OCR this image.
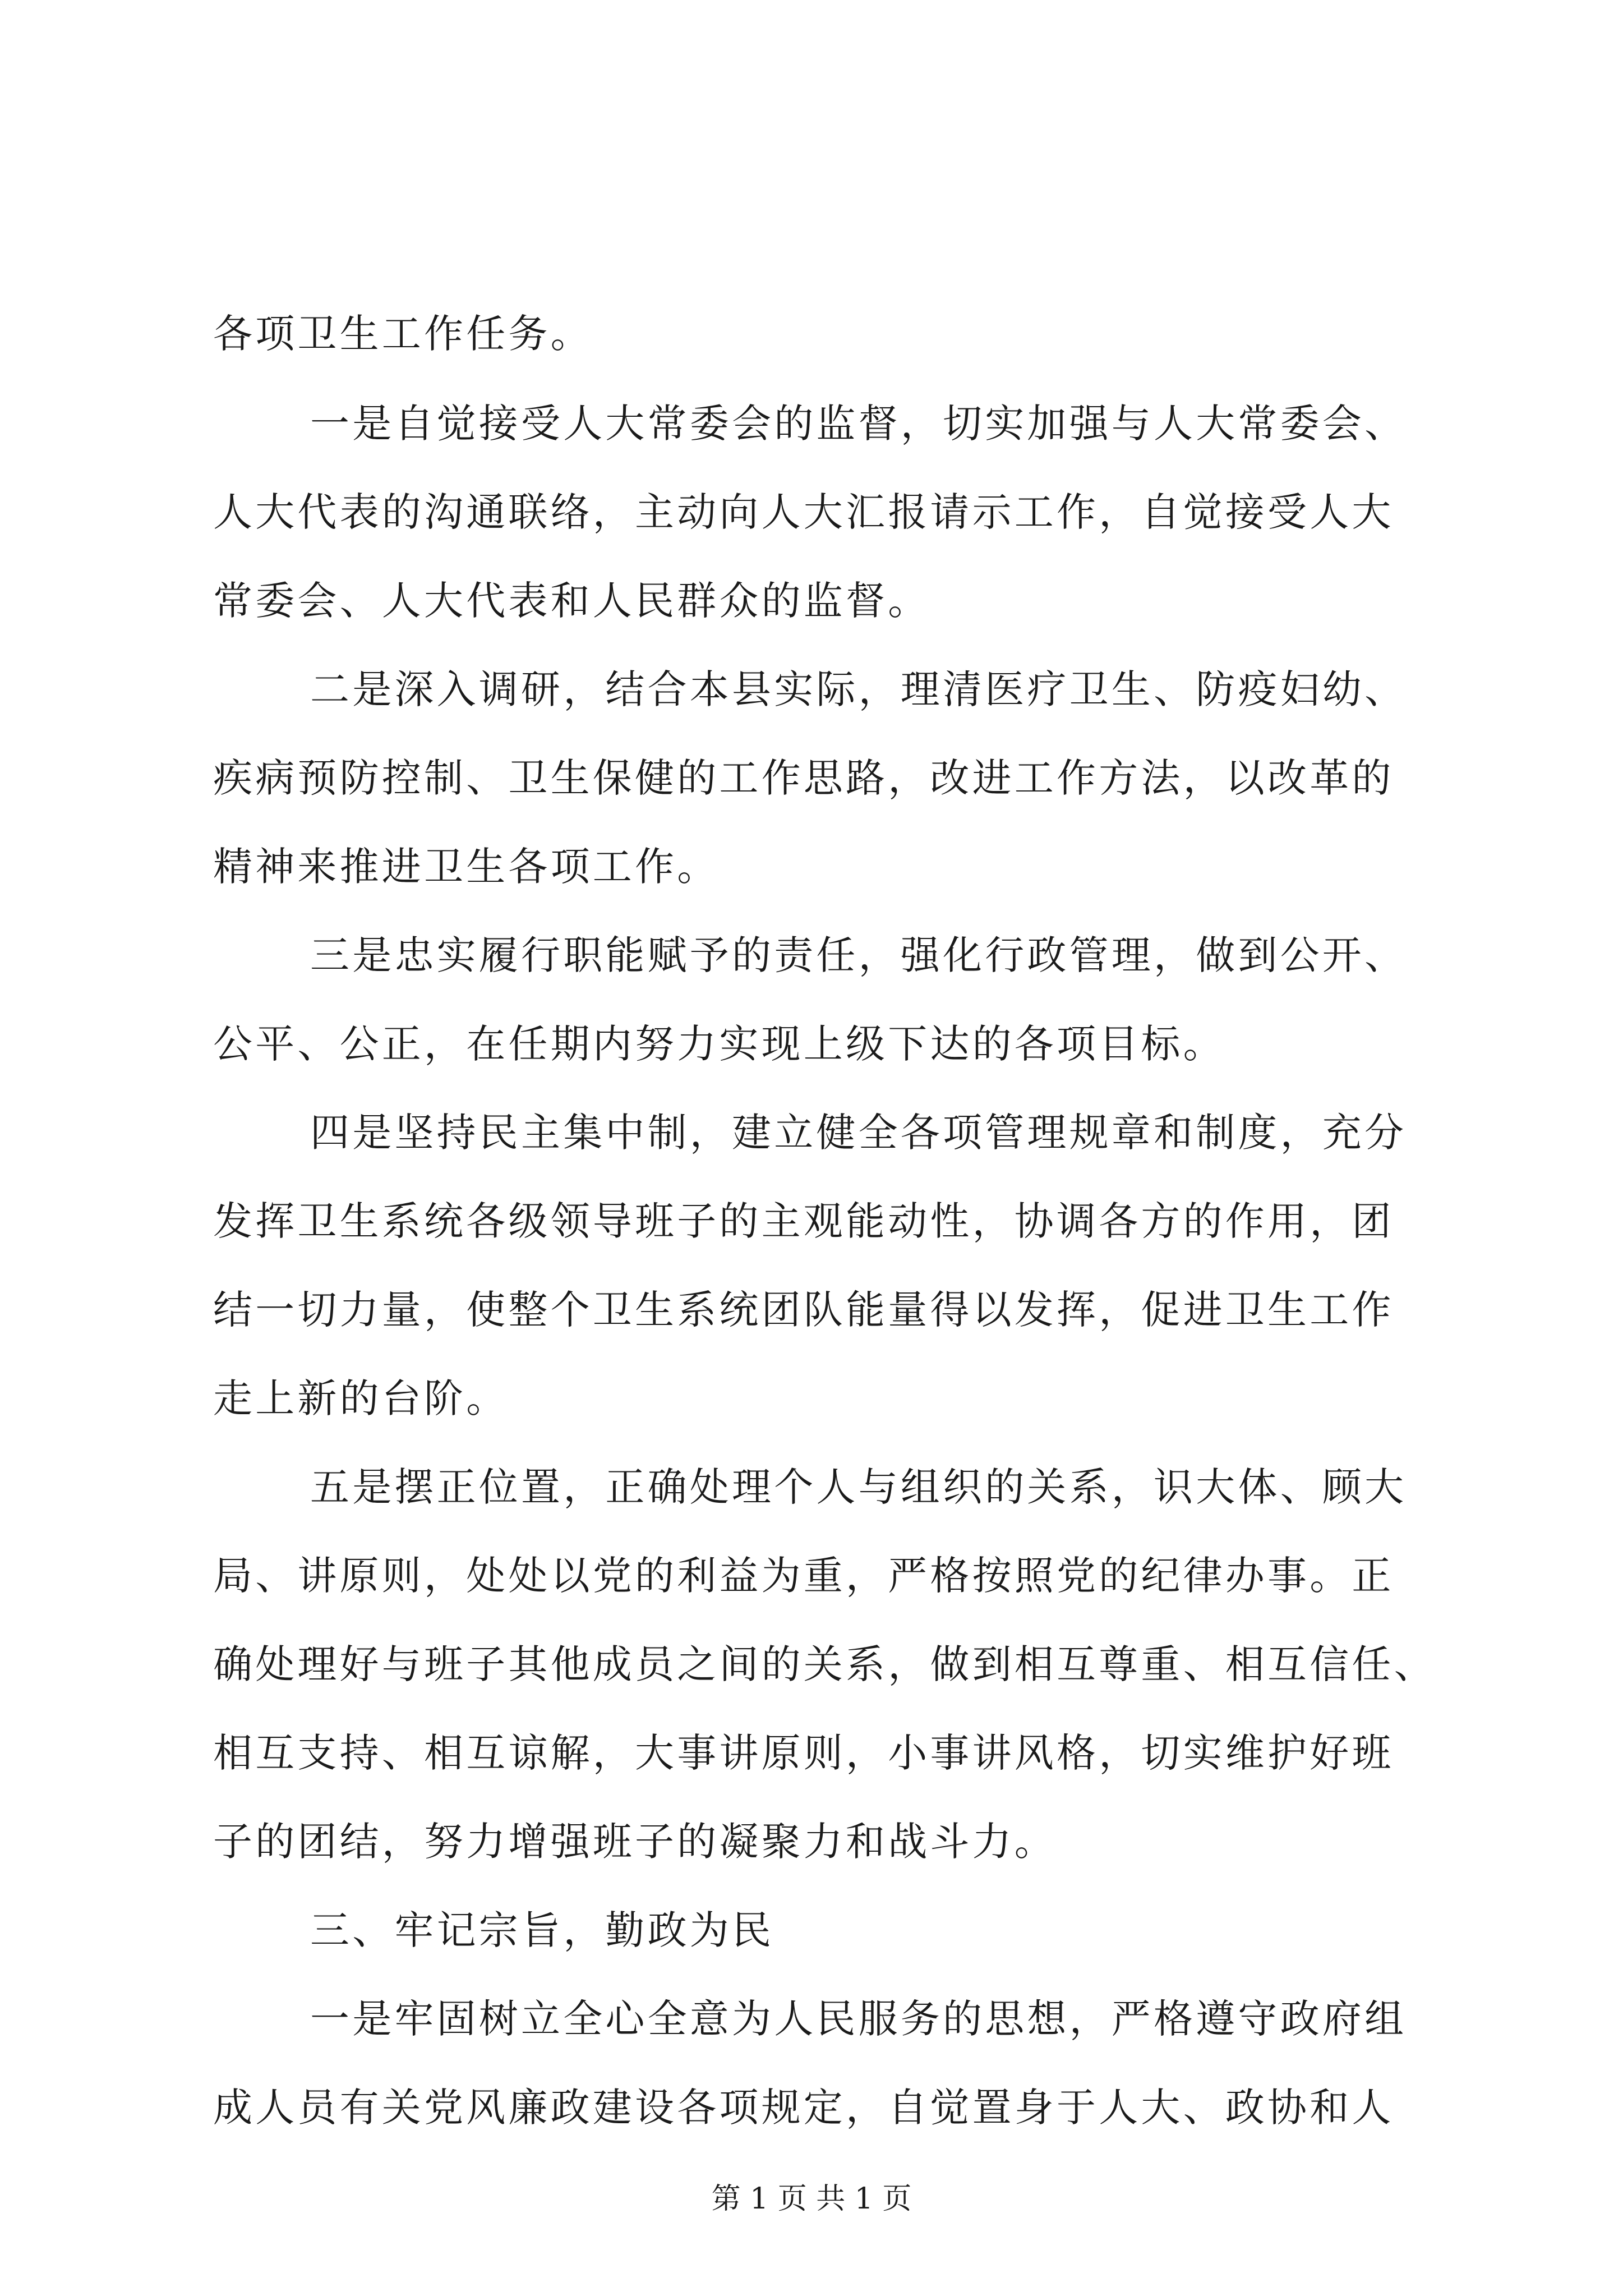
各项卫生工作任务。

一是自觉接受人大常委会的监督，切实加强与人大常委会、

人大代表的沟通联络，主动向人大汇报请示工作，自觉接受人大

常委会、人大代表和人民群众的监督。

二是深入调研，结合本县实际，理清医疗卫生、防疫妇幼、

疾病预防控制、卫生保健的工作思路，改进工作方法，以改革的

精神来推进卫生各项工作。

三是忠实履行职能赋予的责任，强化行政管理，做到公开、

公平、公正，在任期内努力实现上级下达的各项目标。

四是坚持民主集中制，建立健全各项管理规章和制度，充分

发挥卫生系统各级领导班子的主观能动性，协调各方的作用，团

结一切力量，使整个卫生系统团队能量得以发挥，促进卫生工作

走上新的台阶。

五是摆正位置，正确处理个人与组织的关系，识大体、顾大

局、讲原则，处处以党的利益为重，严格按照党的纪律办事。正

确处理好与班子其他成员之间的关系，做到相互尊重、相互信任、

相互支持、相互谅解，大事讲原则，小事讲风格，切实维护好班

子的团结，努力增强班子的凝聚力和战斗力。

三、牢记宗旨，勤政为民

一是牢固树立全心全意为人民服务的思想，严格遵守政府组

成人员有关党风廉政建设各项规定，自觉置身于人大、政协和人

第 1 页 共 1 页
